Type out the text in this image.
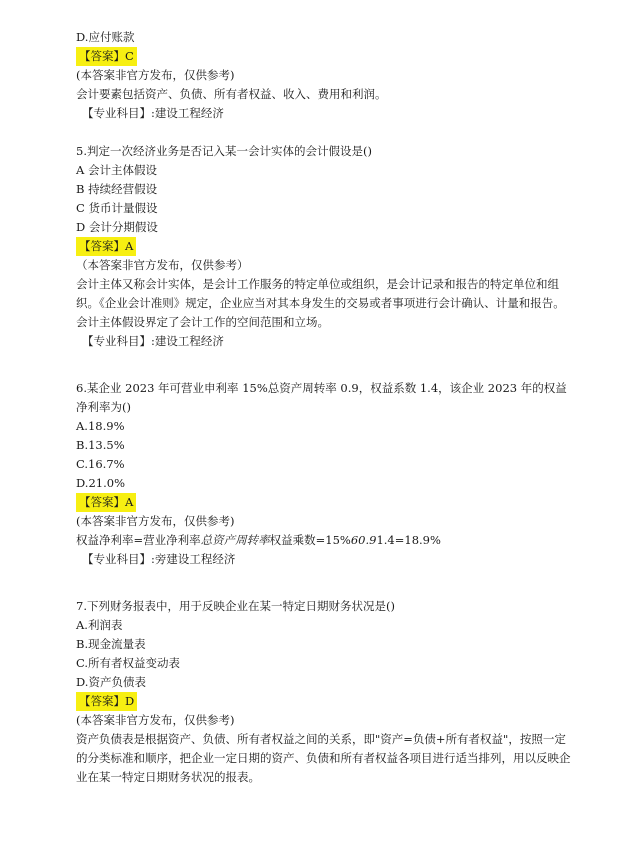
D.应付账款
【答案】C
(本答案非官方发布，仅供参考)
会计要素包括资产、负债、所有者权益、收入、费用和利润。
【专业科目】:建设工程经济
5.判定一次经济业务是否记入某一会计实体的会计假设是()
A 会计主体假设
B 持续经营假设
C 货币计量假设
D 会计分期假设
【答案】A
（本答案非官方发布，仅供参考）
会计主体又称会计实体，是会计工作服务的特定单位或组织，是会计记录和报告的特定单位和组织。《企业会计准则》规定，企业应当对其本身发生的交易或者事项进行会计确认、计量和报告。会计主体假设界定了会计工作的空间范围和立场。
【专业科目】:建设工程经济
6.某企业 2023 年可营业申利率 15%总资产周转率 0.9，权益系数 1.4，该企业 2023 年的权益净利率为()
A.18.9%
B.13.5%
C.16.7%
D.21.0%
【答案】A
(本答案非官方发布，仅供参考)
权益净利率=营业净利率总资产周转率权益乘数=15%60.91.4=18.9%
【专业科目】:旁建设工程经济
7.下列财务报表中，用于反映企业在某一特定日期财务状况是()
A.利润表
B.现金流量表
C.所有者权益变动表
D.资产负债表
【答案】D
(本答案非官方发布，仅供参考)
资产负债表是根据资产、负债、所有者权益之间的关系，即"资产=负债+所有者权益"，按照一定的分类标准和顺序，把企业一定日期的资产、负债和所有者权益各项目进行适当排列，用以反映企业在某一特定日期财务状况的报表。
